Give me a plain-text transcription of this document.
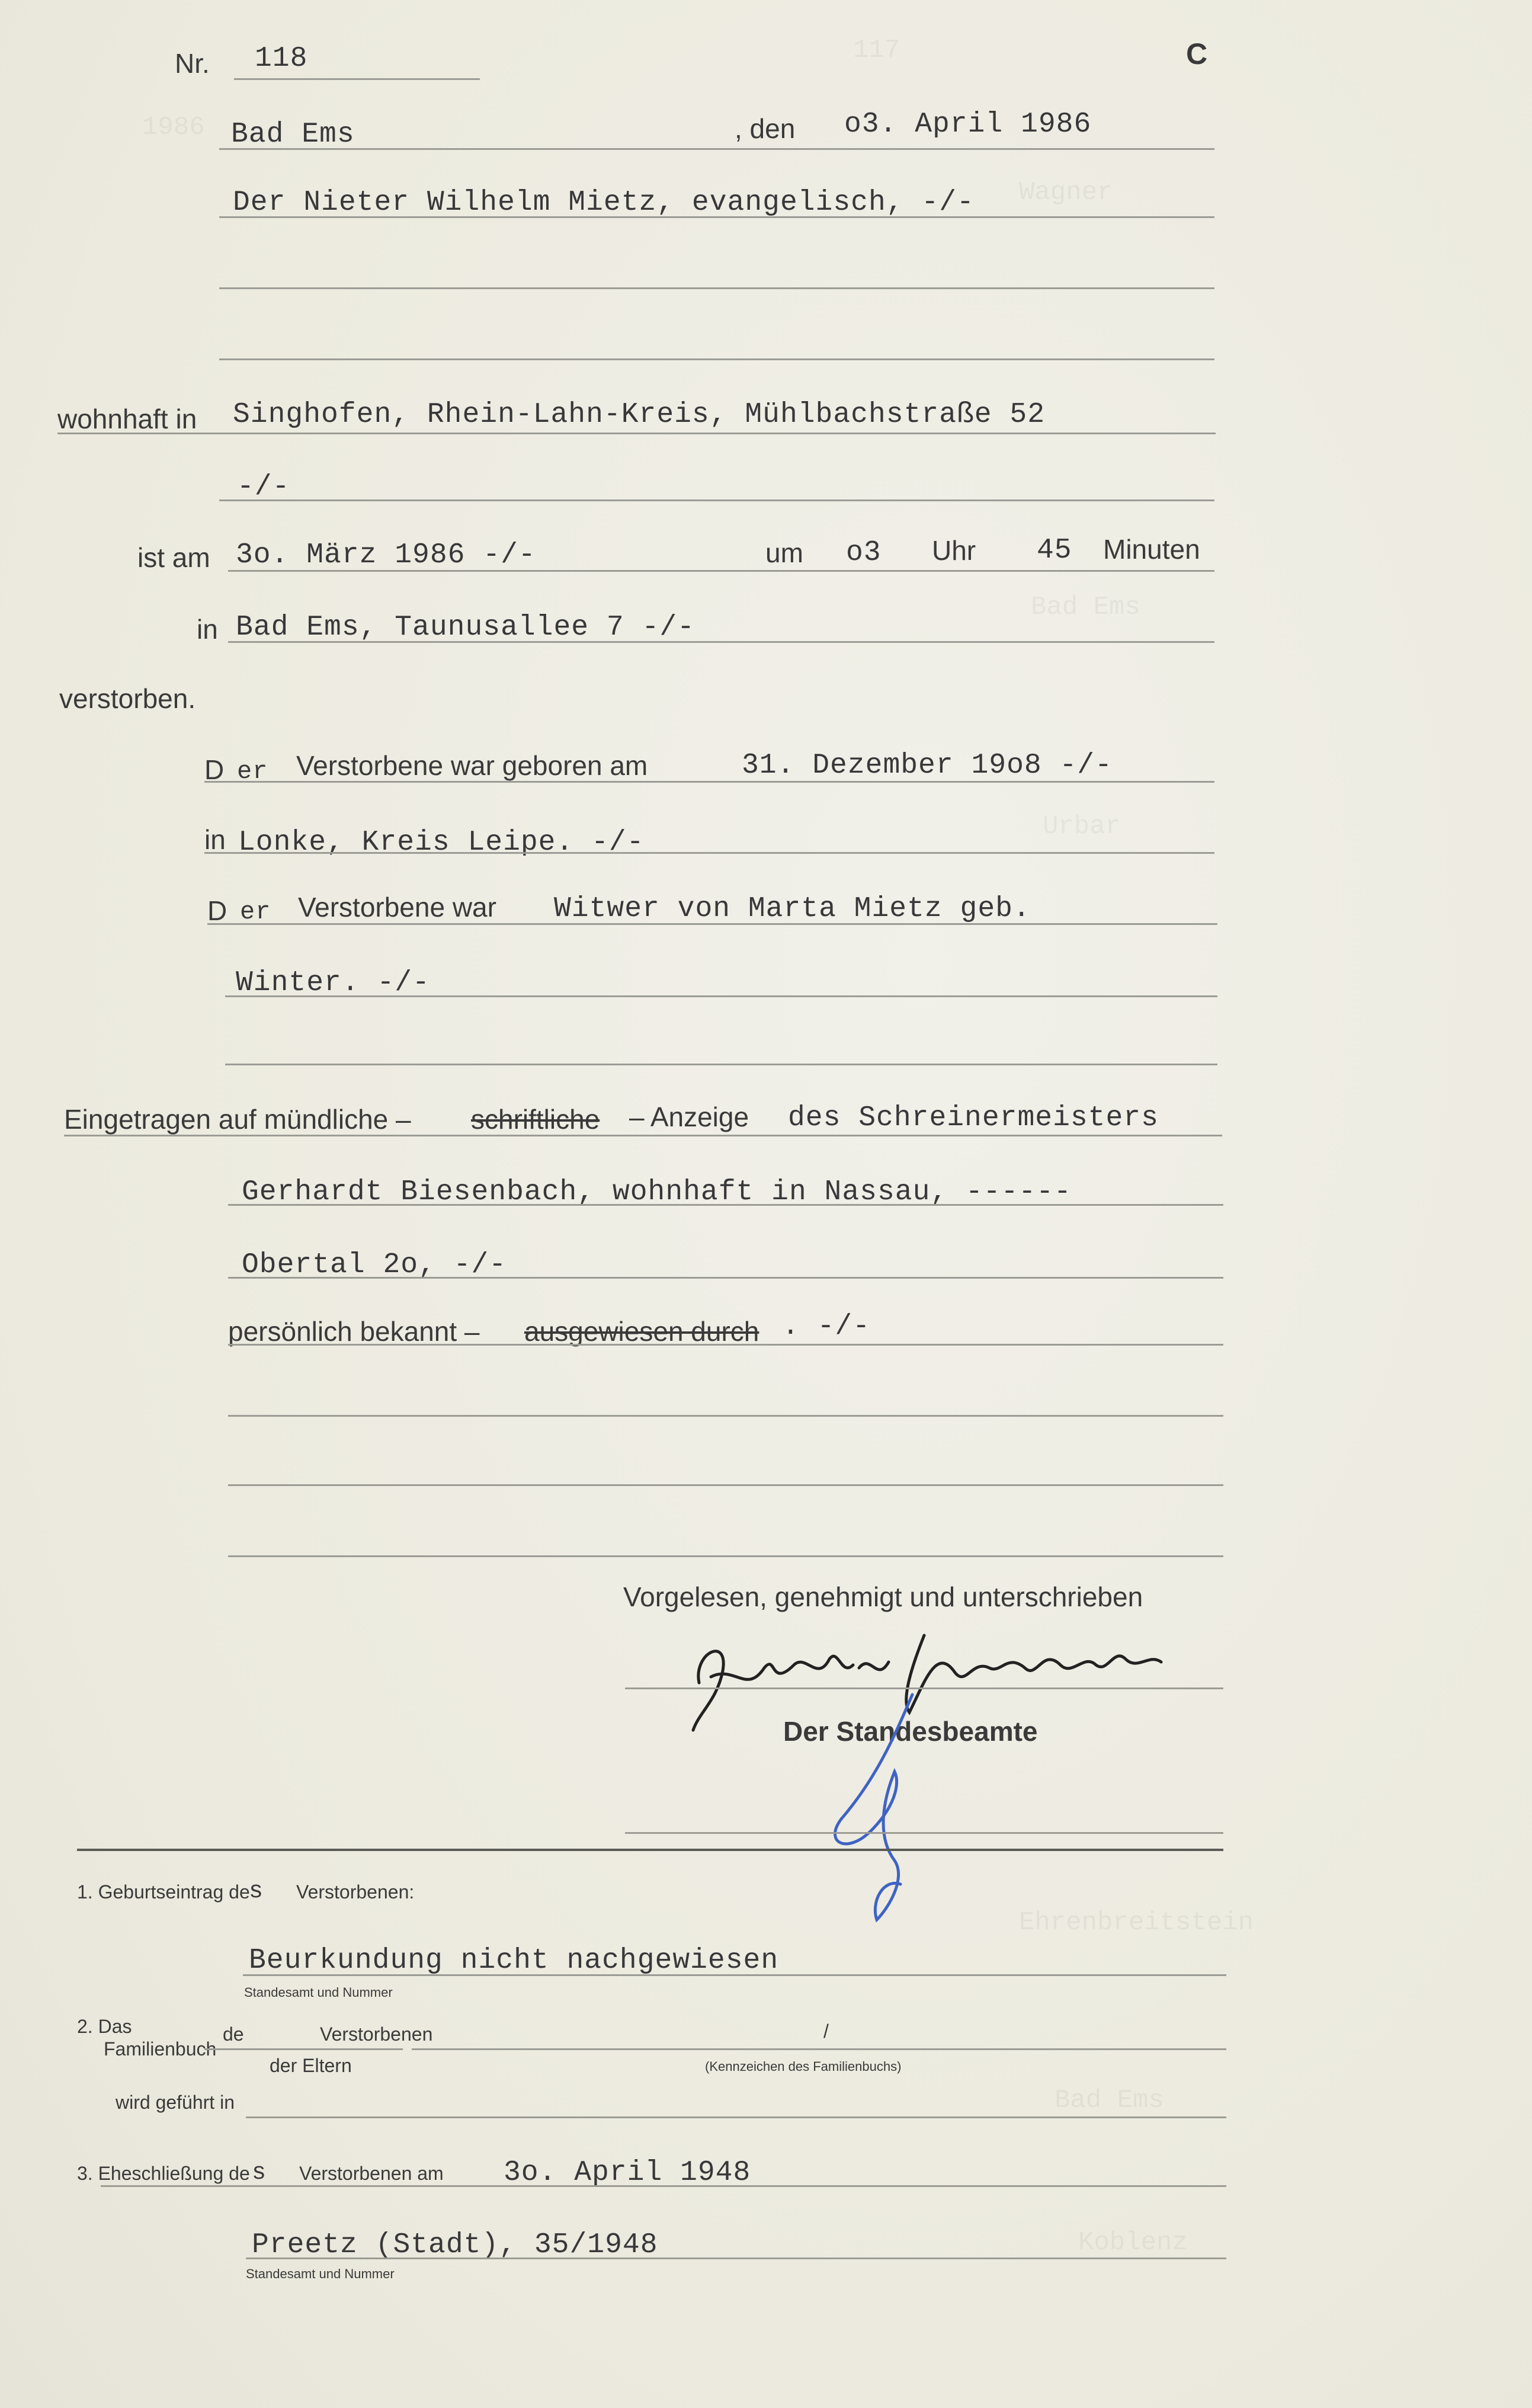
Nr. 118	C
Bad Ems	, den o3. April 1986
Der Nieter Wilhelm Mietz, evangelisch, -/-
wohnhaft in Singhofen, Rhein-Lahn-Kreis, Mühlbachstraße 52
-/-
ist am 3o. März 1986 -/-	um o3 Uhr 45 Minuten
in Bad Ems, Taunusallee 7 -/-
verstorben.
D er Verstorbene war geboren am	31. Dezember 19o8 -/-
in Lonke, Kreis Leipe. -/-
D er Verstorbene war Witwer von Marta Mietz geb.
Winter. -/-
Eingetragen auf mündliche – schriftliche – Anzeige des Schreinermeisters
Gerhardt Biesenbach, wohnhaft in Nassau, ------
Obertal 2o, -/-
persönlich bekannt – ausgewiesen durch . -/-
Vorgelesen, genehmigt und unterschrieben
Der Standesbeamte
1. Geburtseintrag de
s Verstorbenen:
Beurkundung nicht nachgewiesen
Standesamt und Nummer
2. Das
Familienbuch
de	Verstorbenen
der Eltern
/
(Kennzeichen des Familienbuchs)
wird geführt in
3. Eheschließung de s Verstorbenen am 3o. April 1948
Preetz (Stadt), 35/1948
Standesamt und Nummer
